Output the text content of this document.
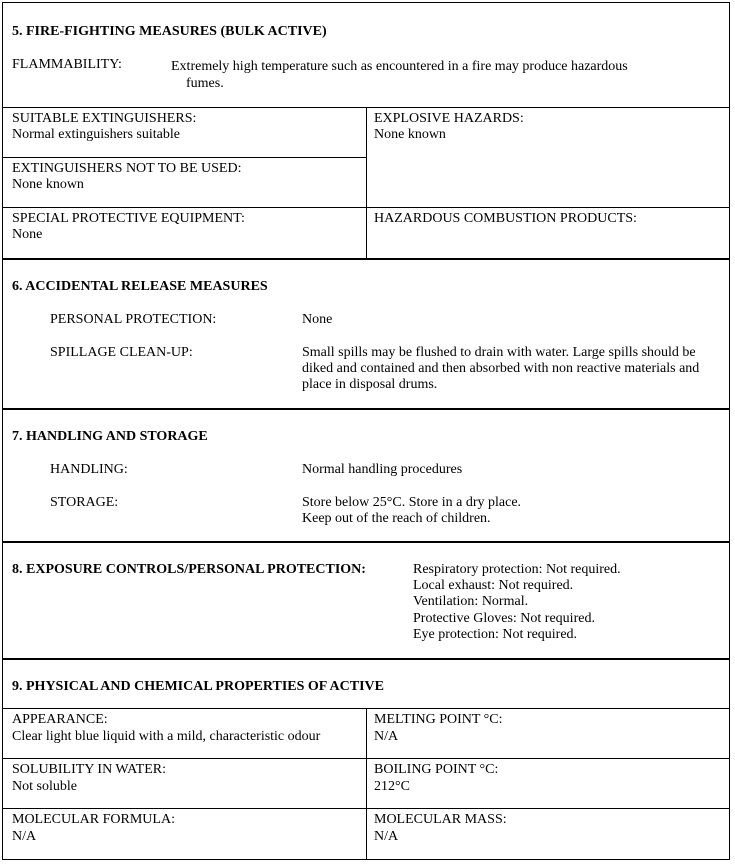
5. FIRE-FIGHTING MEASURES (BULK ACTIVE)
FLAMMABILITY:	Extremely high temperature such as encountered in a fire may produce hazardous
fumes.
SUITABLE EXTINGUISHERS:
Normal extinguishers suitable
EXPLOSIVE HAZARDS:
None known
EXTINGUISHERS NOT TO BE USED:
None known
SPECIAL PROTECTIVE EQUIPMENT:
None
HAZARDOUS COMBUSTION PRODUCTS:
6. ACCIDENTAL RELEASE MEASURES
PERSONAL PROTECTION:	None
SPILLAGE CLEAN-UP:	Small spills may be flushed to drain with water. Large spills should be
diked and contained and then absorbed with non reactive materials and
place in disposal drums.
7. HANDLING AND STORAGE
HANDLING:	Normal handling procedures
STORAGE:	Store below 25°C. Store in a dry place.
Keep out of the reach of children.
8. EXPOSURE CONTROLS/PERSONAL PROTECTION:	Respiratory protection: Not required.
Local exhaust: Not required.
Ventilation: Normal.
Protective Gloves: Not required.
Eye protection: Not required.
9. PHYSICAL AND CHEMICAL PROPERTIES OF ACTIVE
APPEARANCE:
Clear light blue liquid with a mild, characteristic odour
MELTING POINT °C:
N/A
SOLUBILITY IN WATER:
Not soluble
BOILING POINT °C:
212°C
MOLECULAR FORMULA:
N/A
MOLECULAR MASS:
N/A
